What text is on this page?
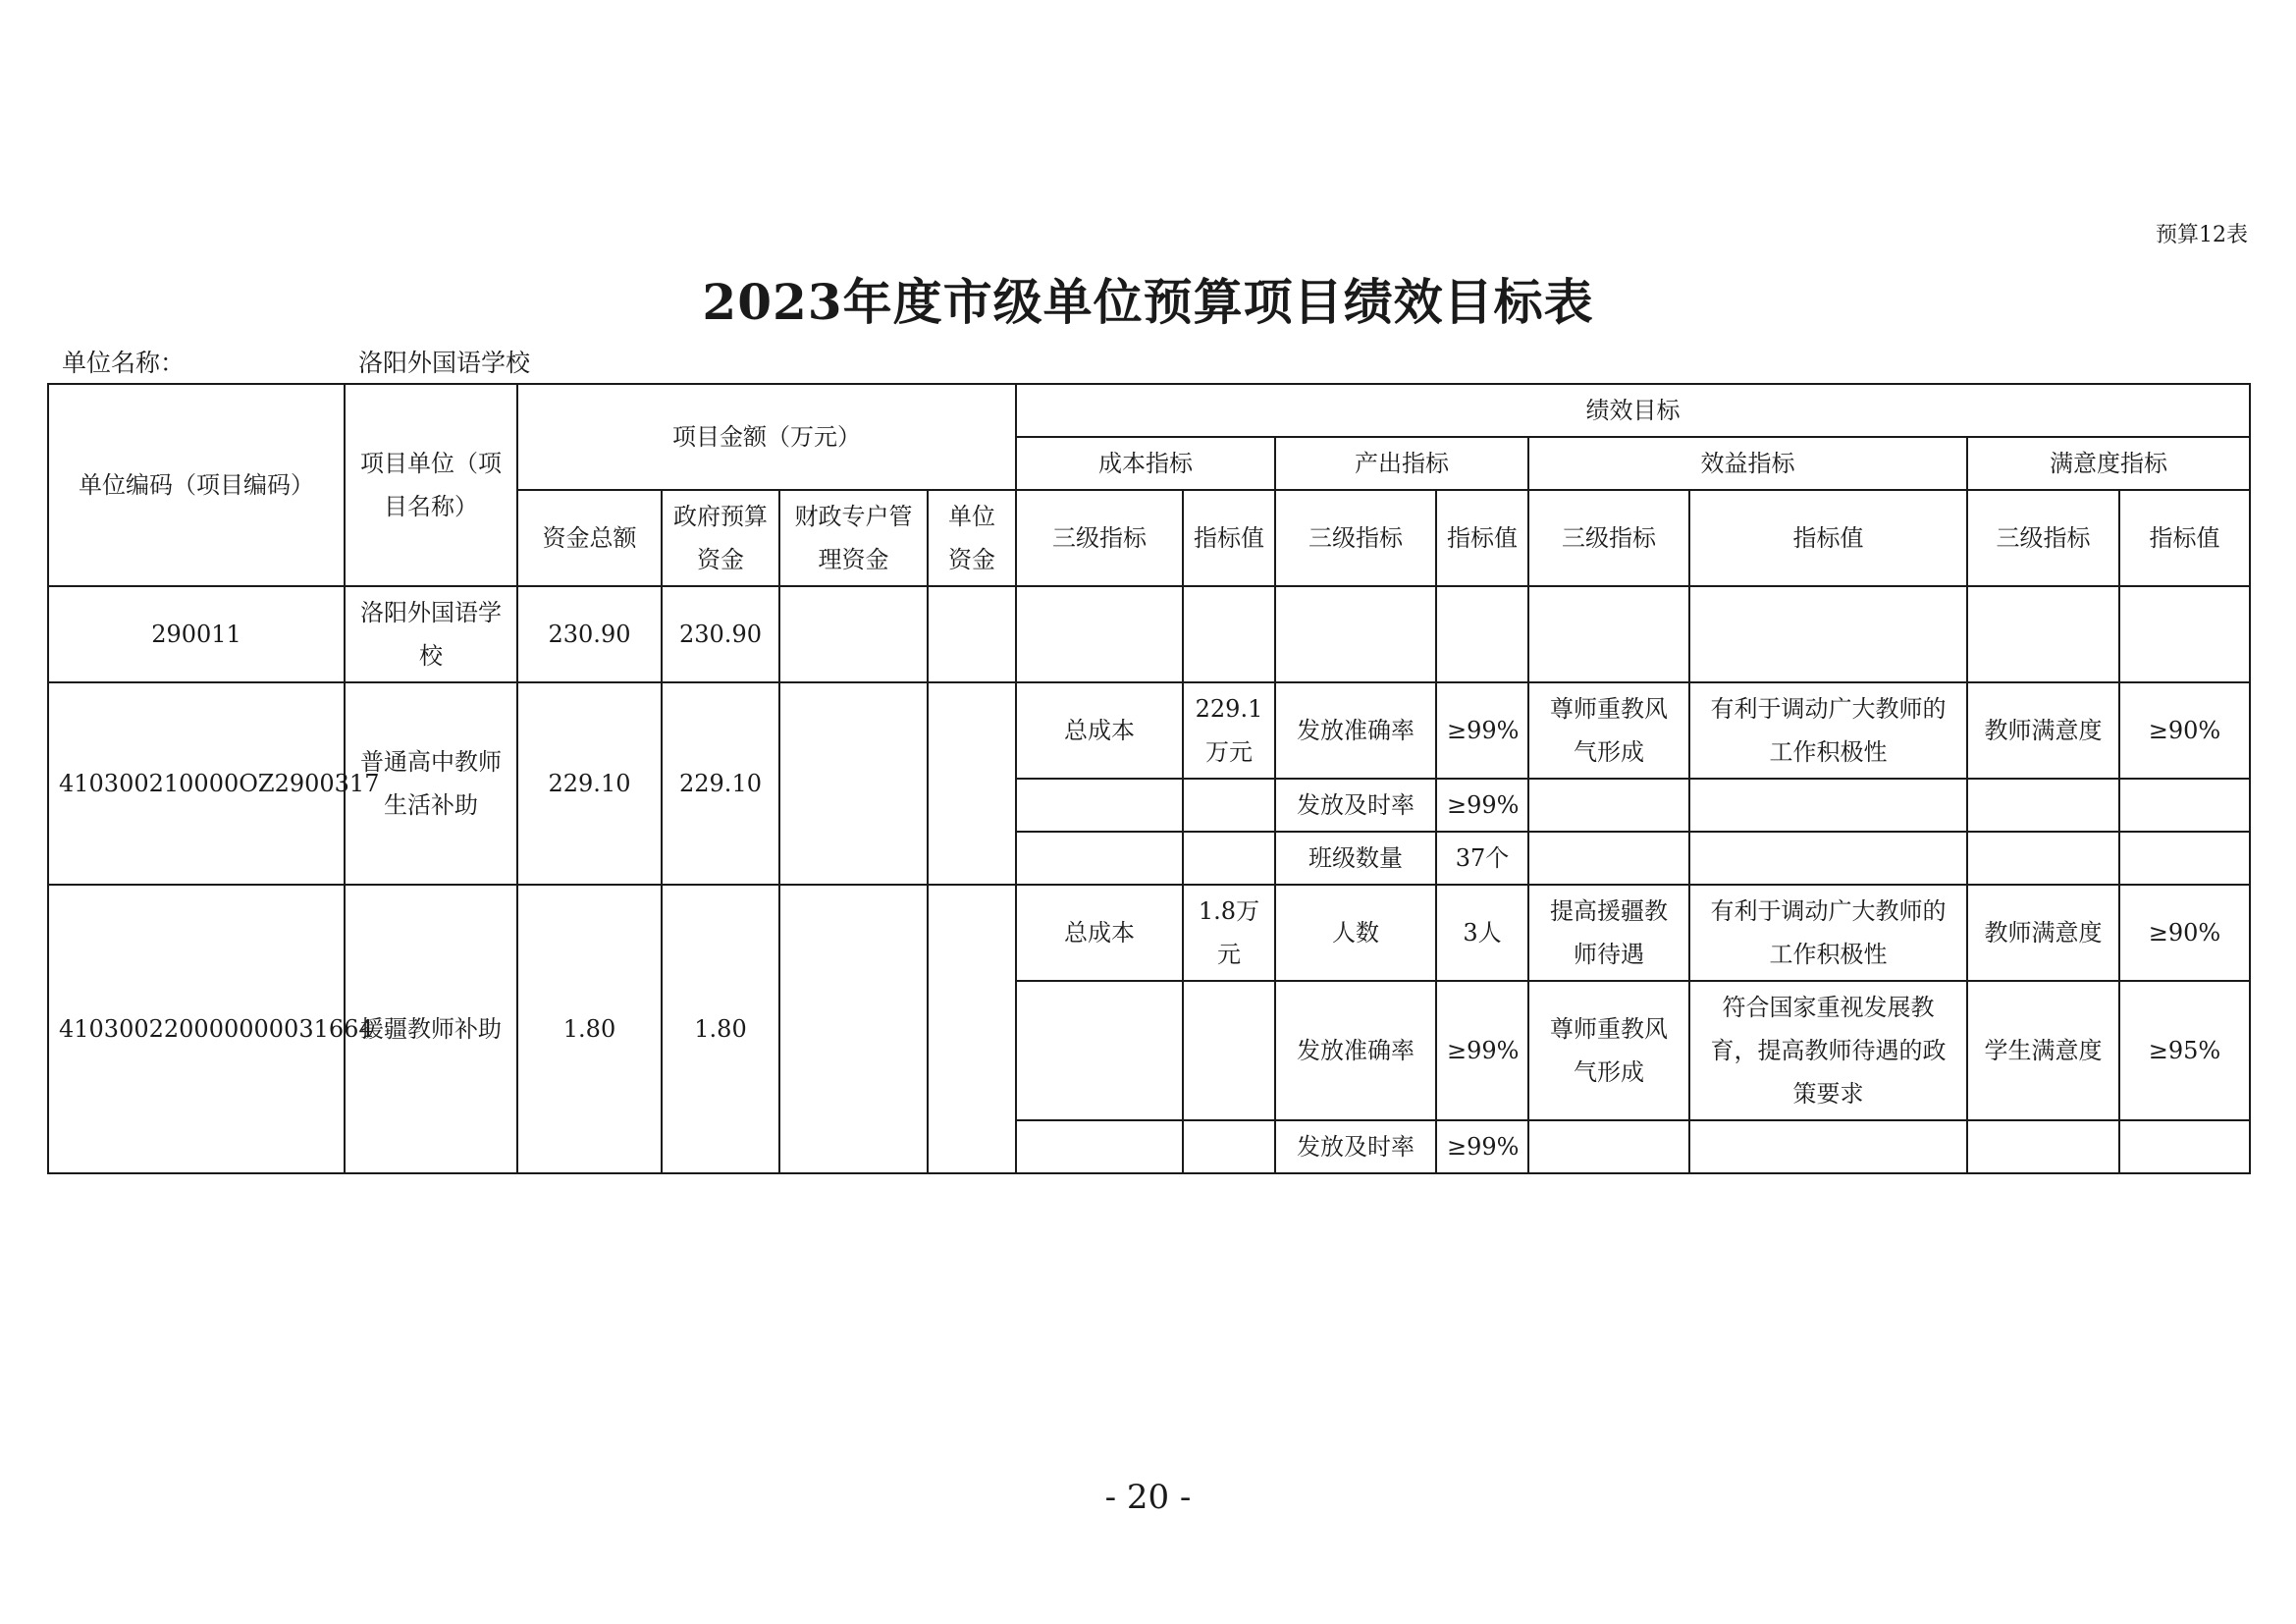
预算12表
2023年度市级单位预算项目绩效目标表
单位名称：	洛阳外国语学校
单位编码（项目编码）	项目单位（项目名称）	项目金额（万元）				绩效目标							
						成本指标		产出指标		效益指标		满意度指标	
		资金总额	政府预算资金	财政专户管理资金	单位资金	三级指标	指标值	三级指标	指标值	三级指标	指标值	三级指标	指标值
290011	洛阳外国语学校	230.90	230.90										
410300210000OZ2900317	普通高中教师生活补助	229.10	229.10			总成本	229.1万元	发放准确率	≥99%	尊师重教风气形成	有利于调动广大教师的工作积极性	教师满意度	≥90%
								发放及时率	≥99%				
								班级数量	37个				
410300220000000031664	援疆教师补助	1.80	1.80			总成本	1.8万元	人数	3人	提高援疆教师待遇	有利于调动广大教师的工作积极性	教师满意度	≥90%
								发放准确率	≥99%	尊师重教风气形成	符合国家重视发展教育，提高教师待遇的政策要求	学生满意度	≥95%
								发放及时率	≥99%				
- 20 -
